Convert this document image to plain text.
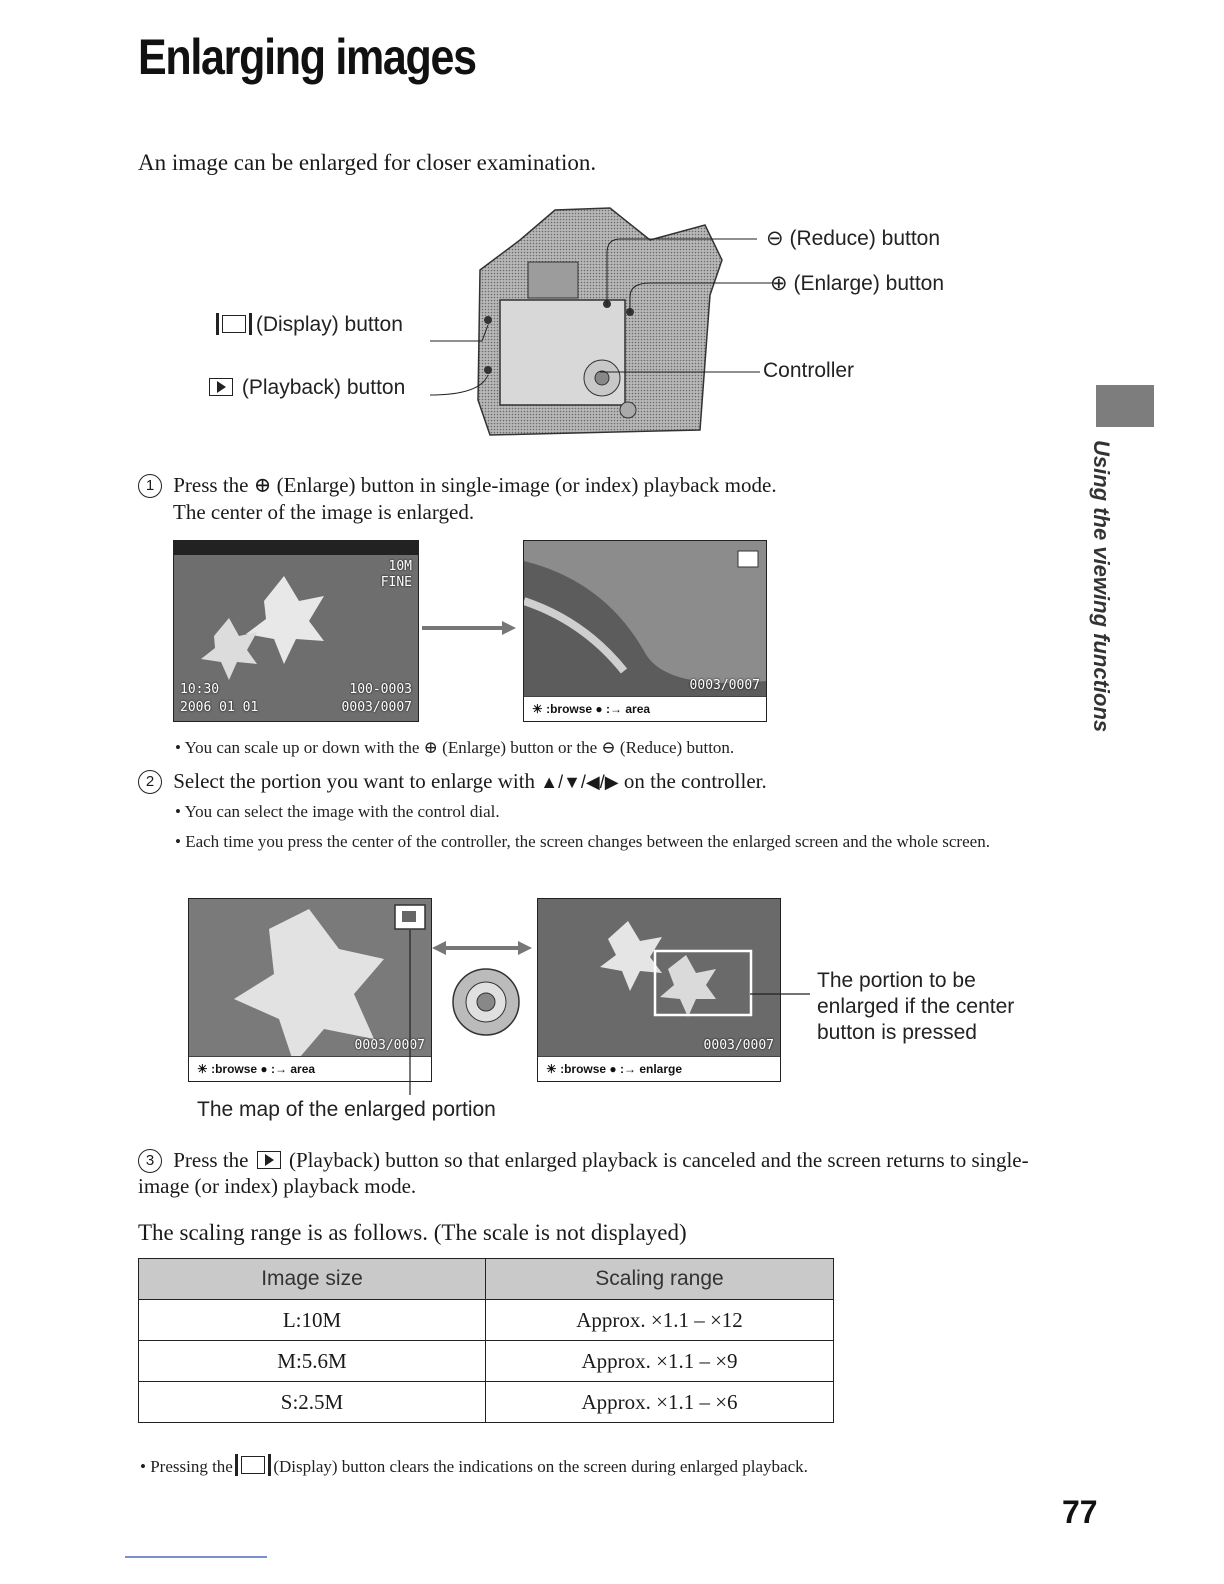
Enlarging images
An image can be enlarged for closer examination.
⊖ (Reduce) button
⊕ (Enlarge) button
(Display) button
(Playback) button
Controller
1 Press the ⊕ (Enlarge) button in single-image (or index) playback mode.
The center of the image is enlarged.
10M
FINE
10:30
2006 01 01
100-0003
0003/0007
0003/0007
☀ :browse ● :→ area
• You can scale up or down with the ⊕ (Enlarge) button or the ⊖ (Reduce) button.
2 Select the portion you want to enlarge with ▲/▼/◀/▶ on the controller.
• You can select the image with the control dial.
• Each time you press the center of the controller, the screen changes between the enlarged screen and the whole screen.
0003/0007
☀ :browse ● :→ area
0003/0007
☀ :browse ● :→ enlarge
The portion to be enlarged if the center button is pressed
The map of the enlarged portion
3 Press the (Playback) button so that enlarged playback is canceled and the screen returns to single-image (or index) playback mode.
The scaling range is as follows. (The scale is not displayed)
Image size	Scaling range
L:10M	Approx. ×1.1 – ×12
M:5.6M	Approx. ×1.1 – ×9
S:2.5M	Approx. ×1.1 – ×6
• Pressing the (Display) button clears the indications on the screen during enlarged playback.
Using the viewing functions
77
